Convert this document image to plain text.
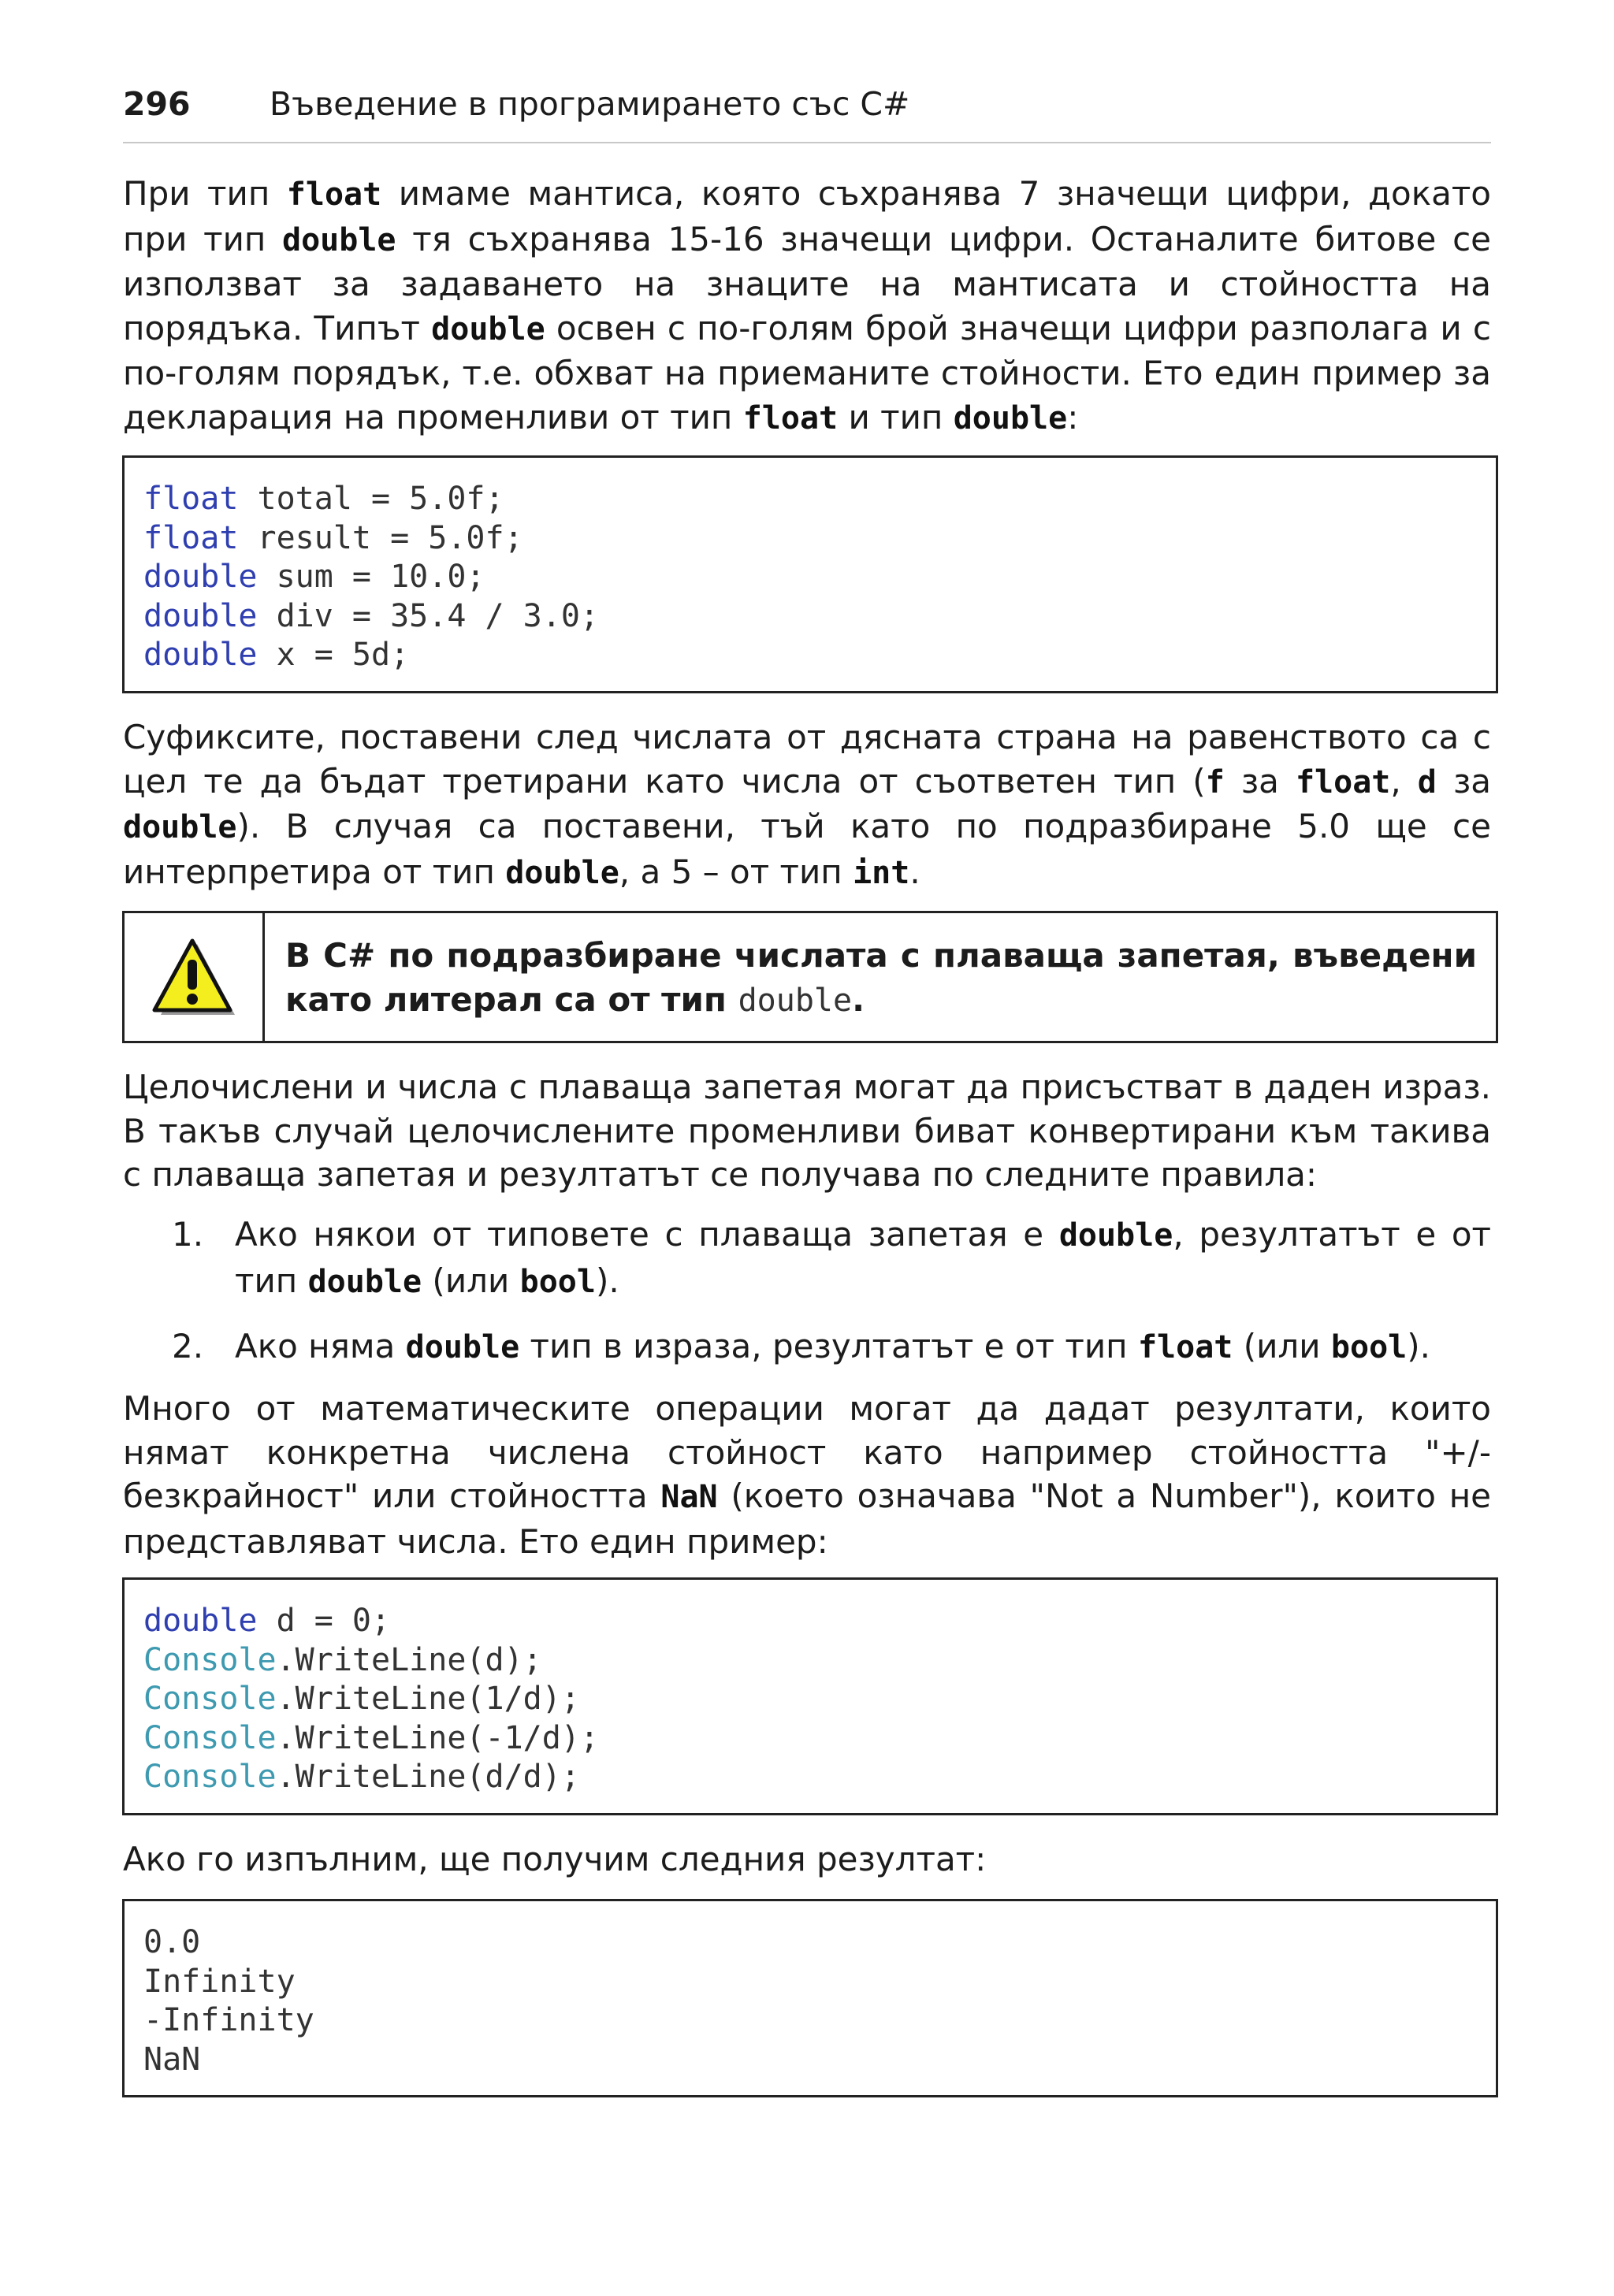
296 Въведение в програмирането със C#

При тип float имаме мантиса, която съхранява 7 значещи цифри, докато при тип double тя съхранява 15-16 значещи цифри. Останалите битове се използват за задаването на знаците на мантисата и стойността на порядъка. Типът double освен с по-голям брой значещи цифри разполага и с по-голям порядък, т.е. обхват на приеманите стойности. Ето един пример за декларация на променливи от тип float и тип double:

float total = 5.0f;
float result = 5.0f;
double sum = 10.0;
double div = 35.4 / 3.0;
double x = 5d;

Суфиксите, поставени след числата от дясната страна на равенството са с цел те да бъдат третирани като числа от съответен тип (f за float, d за double). В случая са поставени, тъй като по подразбиране 5.0 ще се интерпретира от тип double, а 5 – от тип int.

В C# по подразбиране числата с плаваща запетая, въведени като литерал са от тип double.

Целочислени и числа с плаваща запетая могат да присъстват в даден израз. В такъв случай целочислените променливи биват конвертирани към такива с плаваща запетая и резултатът се получава по следните правила:

1. Ако някои от типовете с плаваща запетая е double, резултатът е от тип double (или bool).
2. Ако няма double тип в израза, резултатът е от тип float (или bool).

Много от математическите операции могат да дадат резултати, които нямат конкретна числена стойност като например стойността "+/- безкрайност" или стойността NaN (което означава "Not a Number"), които не представляват числа. Ето един пример:

double d = 0;
Console.WriteLine(d);
Console.WriteLine(1/d);
Console.WriteLine(-1/d);
Console.WriteLine(d/d);

Ако го изпълним, ще получим следния резултат:

0.0
Infinity
-Infinity
NaN
